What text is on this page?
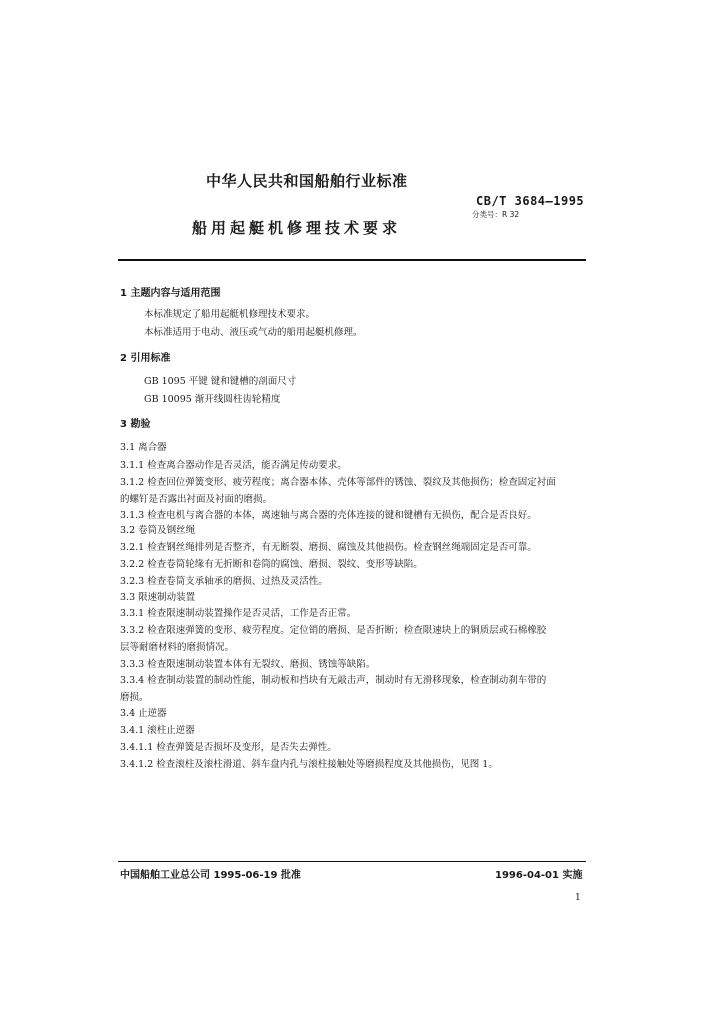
中华人民共和国船舶行业标准
CB/T 3684—1995
分类号：R 32
船用起艇机修理技术要求
1 主题内容与适用范围
本标准规定了船用起艇机修理技术要求。
本标准适用于电动、液压或气动的船用起艇机修理。
2 引用标准
GB 1095 平键 键和键槽的剖面尺寸
GB 10095 渐开线圆柱齿轮精度
3 勘验
3.1 离合器
3.1.1 检查离合器动作是否灵活，能否满足传动要求。
3.1.2 检查回位弹簧变形、疲劳程度；离合器本体、壳体等部件的锈蚀、裂纹及其他损伤；检查固定衬面
的螺钉是否露出衬面及衬面的磨损。
3.1.3 检查电机与离合器的本体，离速轴与离合器的壳体连接的键和键槽有无损伤，配合是否良好。
3.2 卷筒及钢丝绳
3.2.1 检查钢丝绳排列是否整齐，有无断裂、磨损、腐蚀及其他损伤。检查钢丝绳端固定是否可靠。
3.2.2 检查卷筒轮缘有无折断和卷筒的腐蚀、磨损、裂纹、变形等缺陷。
3.2.3 检查卷筒支承轴承的磨损、过热及灵活性。
3.3 限速制动装置
3.3.1 检查限速制动装置操作是否灵活，工作是否正常。
3.3.2 检查限速弹簧的变形、疲劳程度。定位销的磨损、是否折断；检查限速块上的铜质层或石棉橡胶
层等耐磨材料的磨损情况。
3.3.3 检查限速制动装置本体有无裂纹、磨损、锈蚀等缺陷。
3.3.4 检查制动装置的制动性能，制动板和挡块有无敲击声，制动时有无滑移现象，检查制动刹车带的
磨损。
3.4 止逆器
3.4.1 滚柱止逆器
3.4.1.1 检查弹簧是否损坏及变形，是否失去弹性。
3.4.1.2 检查滚柱及滚柱滑道、斜车盘内孔与滚柱接触处等磨损程度及其他损伤，见图 1。
中国船舶工业总公司 1995-06-19 批准	1996-04-01 实施
1
